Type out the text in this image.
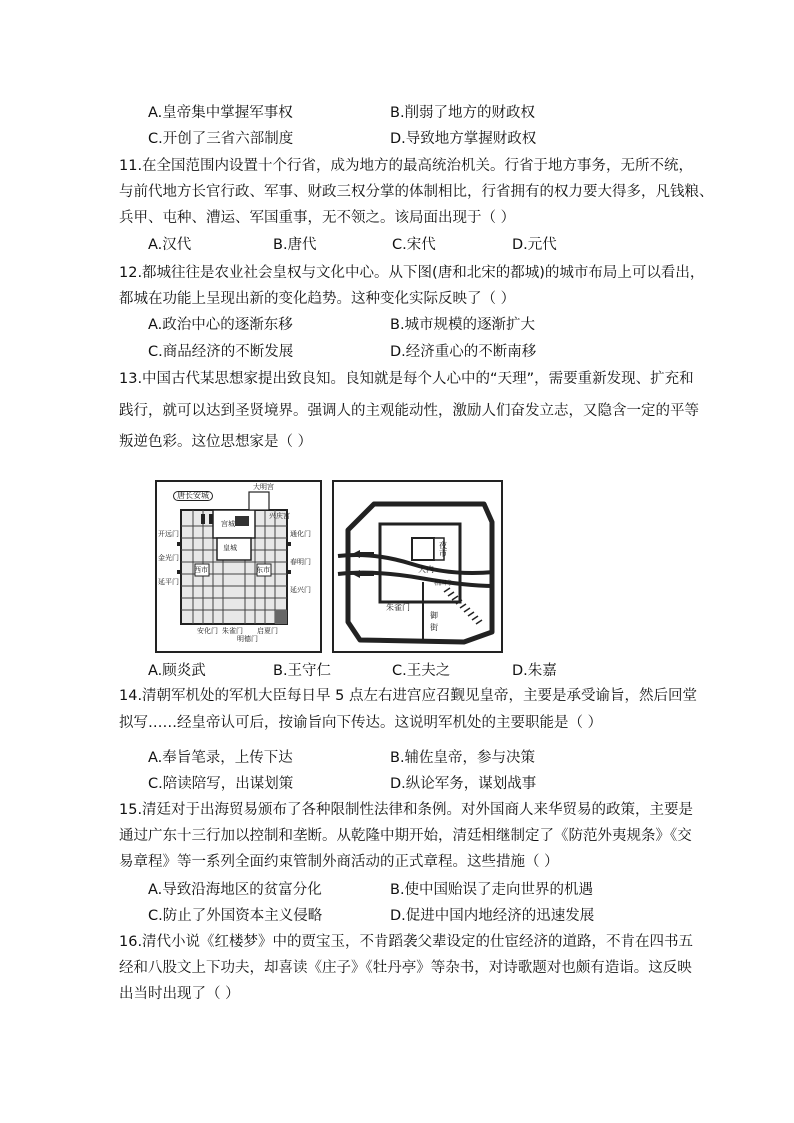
A.皇帝集中掌握军事权	B.削弱了地方的财政权
C.开创了三省六部制度	D.导致地方掌握财政权
11.在全国范围内设置十个行省，成为地方的最高统治机关。行省于地方事务，无所不统，
与前代地方长官行政、军事、财政三权分掌的体制相比，行省拥有的权力要大得多，凡钱粮、
兵甲、屯种、漕运、军国重事，无不领之。该局面出现于（ ）
A.汉代	B.唐代	C.宋代	D.元代
12.都城往往是农业社会皇权与文化中心。从下图(唐和北宋的都城)的城市布局上可以看出，
都城在功能上呈现出新的变化趋势。这种变化实际反映了（ ）
A.政治中心的逐渐东移	B.城市规模的逐渐扩大
C.商品经济的不断发展	D.经济重心的不断南移
13.中国古代某思想家提出致良知。良知就是每个人心中的“天理”，需要重新发现、扩充和
践行，就可以达到圣贤境界。强调人的主观能动性，激励人们奋发立志，又隐含一定的平等
叛逆色彩。这位思想家是（ ）
唐长安城
宫城
皇城
西市	东市
朱雀门
春明门
延平门
金光门
开远门
延兴门
通化门
明德门
安化门	启夏门
大明宫
兴庆宫
大内
夜市
朱雀门
御
街
相国寺
A.顾炎武	B.王守仁	C.王夫之	D.朱嘉
14.清朝军机处的军机大臣每日早 5 点左右进宫应召觐见皇帝，主要是承受谕旨，然后回堂
拟写……经皇帝认可后，按谕旨向下传达。这说明军机处的主要职能是（ ）
A.奉旨笔录，上传下达	B.辅佐皇帝，参与决策
C.陪读陪写，出谋划策	D.纵论军务，谋划战事
15.清廷对于出海贸易颁布了各种限制性法律和条例。对外国商人来华贸易的政策，主要是
通过广东十三行加以控制和垄断。从乾隆中期开始，清廷相继制定了《防范外夷规条》《交
易章程》等一系列全面约束管制外商活动的正式章程。这些措施（ ）
A.导致沿海地区的贫富分化	B.使中国贻误了走向世界的机遇
C.防止了外国资本主义侵略	D.促进中国内地经济的迅速发展
16.清代小说《红楼梦》中的贾宝玉，不肯蹈袭父辈设定的仕宦经济的道路，不肯在四书五
经和八股文上下功夫，却喜读《庄子》《牡丹亭》等杂书，对诗歌题对也颇有造诣。这反映
出当时出现了（ ）
